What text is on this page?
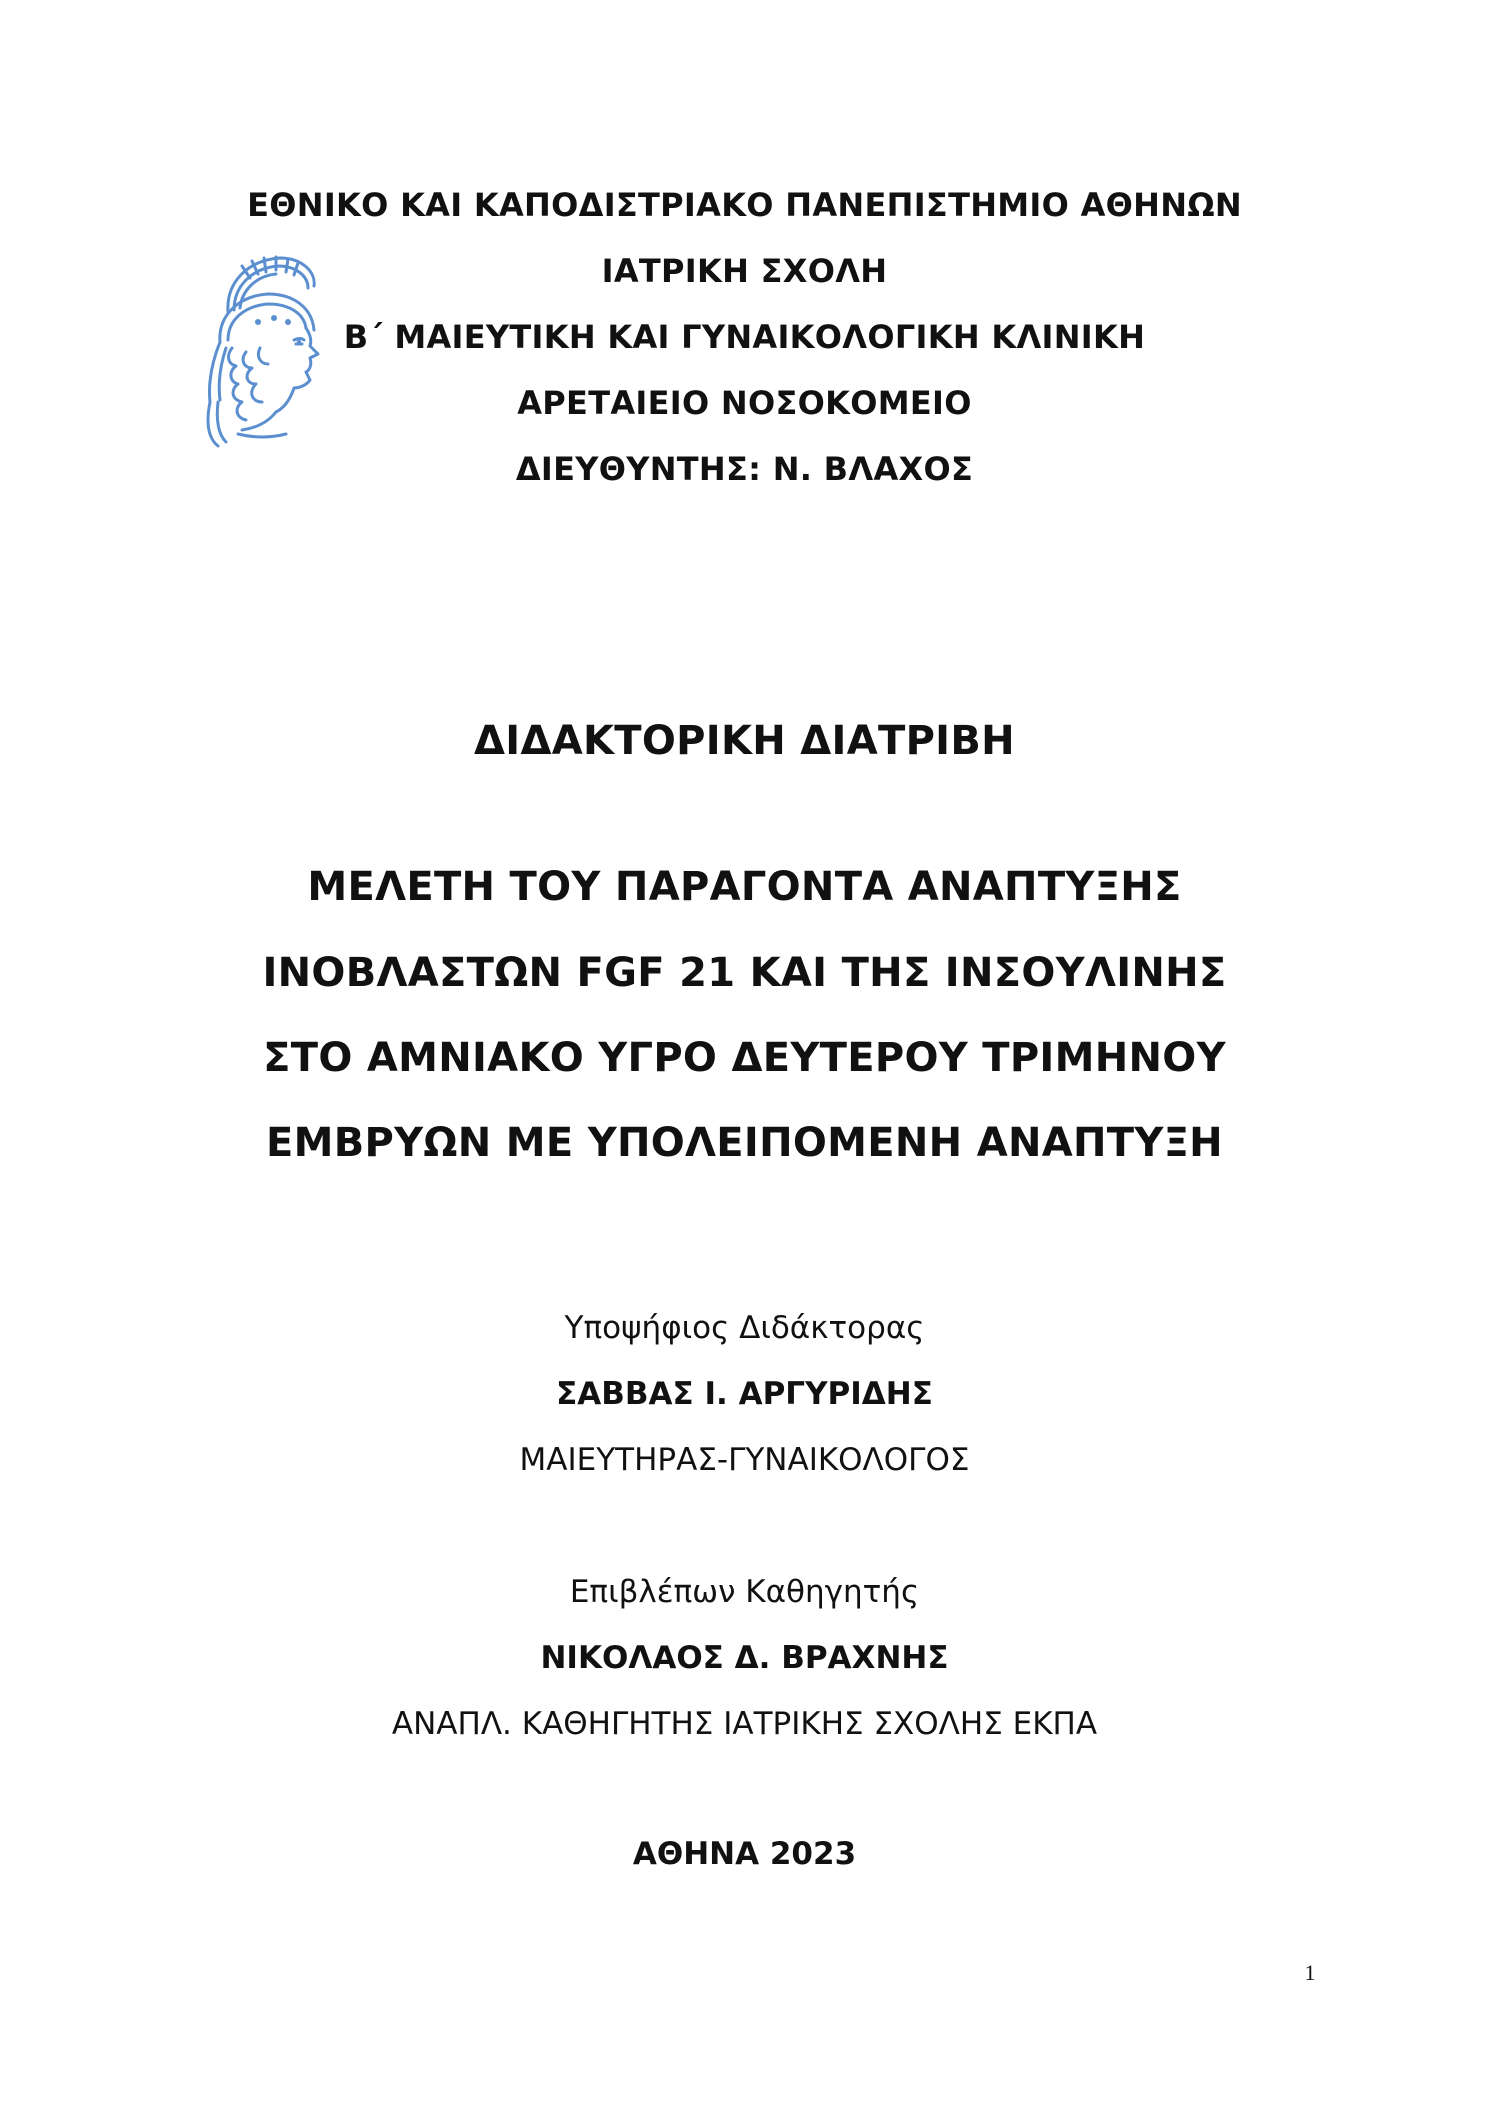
ΕΘΝΙΚΟ ΚΑΙ ΚΑΠΟΔΙΣΤΡΙΑΚΟ ΠΑΝΕΠΙΣΤΗΜΙΟ ΑΘΗΝΩΝ
ΙΑΤΡΙΚΗ ΣΧΟΛΗ
Β΄ ΜΑΙΕΥΤΙΚΗ ΚΑΙ ΓΥΝΑΙΚΟΛΟΓΙΚΗ ΚΛΙΝΙΚΗ
ΑΡΕΤΑΙΕΙΟ ΝΟΣΟΚΟΜΕΙΟ
ΔΙΕΥΘΥΝΤΗΣ: Ν. ΒΛΑΧΟΣ
ΔΙΔΑΚΤΟΡΙΚΗ ΔΙΑΤΡΙΒΗ
ΜΕΛΕΤΗ ΤΟΥ ΠΑΡΑΓΟΝΤΑ ΑΝΑΠΤΥΞΗΣ
ΙΝΟΒΛΑΣΤΩΝ FGF 21 ΚΑΙ ΤΗΣ ΙΝΣΟΥΛΙΝΗΣ
ΣΤΟ ΑΜΝΙΑΚΟ ΥΓΡΟ ΔΕΥΤΕΡΟΥ ΤΡΙΜΗΝΟΥ
ΕΜΒΡΥΩΝ ΜΕ ΥΠΟΛΕΙΠΟΜΕΝΗ ΑΝΑΠΤΥΞΗ
Υποψήφιος Διδάκτορας
ΣΑΒΒΑΣ Ι. ΑΡΓΥΡΙΔΗΣ
ΜΑΙΕΥΤΗΡΑΣ-ΓΥΝΑΙΚΟΛΟΓΟΣ
Επιβλέπων Καθηγητής
ΝΙΚΟΛΑΟΣ Δ. ΒΡΑΧΝΗΣ
ΑΝΑΠΛ. ΚΑΘΗΓΗΤΗΣ ΙΑΤΡΙΚΗΣ ΣΧΟΛΗΣ ΕΚΠΑ
ΑΘΗΝΑ 2023
1
